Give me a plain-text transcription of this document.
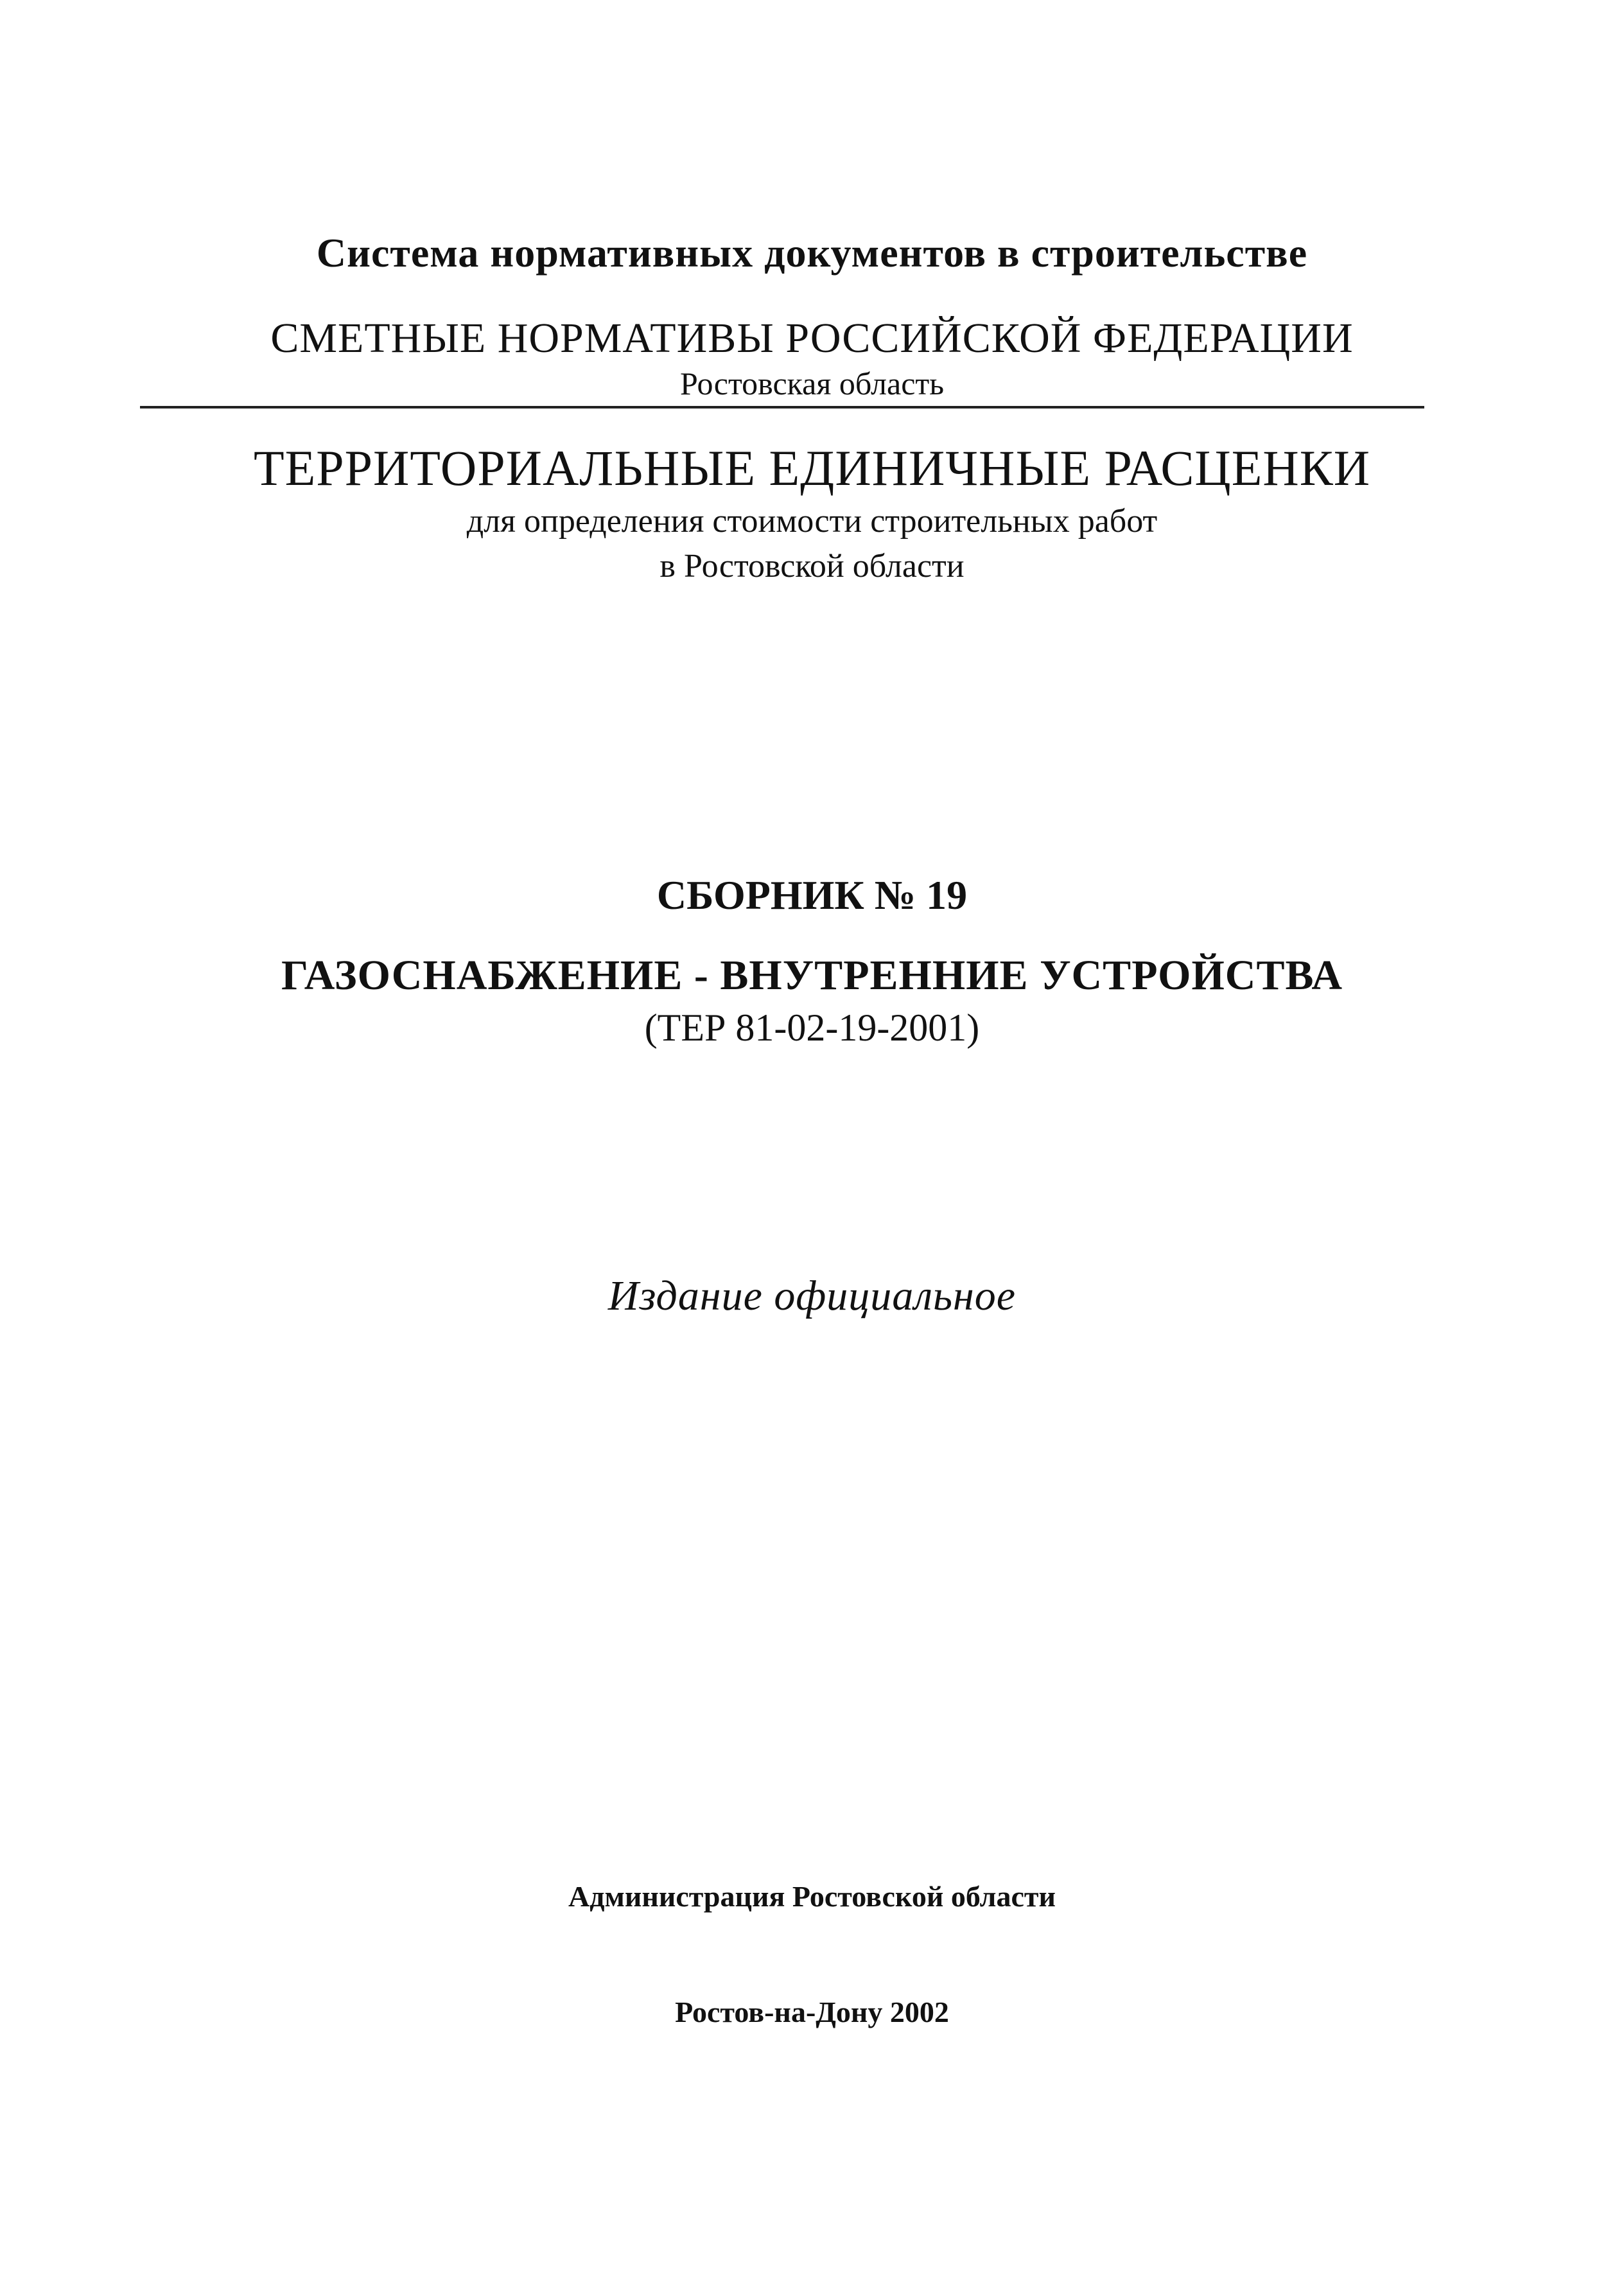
Система нормативных документов в строительстве
СМЕТНЫЕ НОРМАТИВЫ РОССИЙСКОЙ ФЕДЕРАЦИИ
Ростовская область
ТЕРРИТОРИАЛЬНЫЕ ЕДИНИЧНЫЕ РАСЦЕНКИ
для определения стоимости строительных работ
в Ростовской области
СБОРНИК № 19
ГАЗОСНАБЖЕНИЕ - ВНУТРЕННИЕ УСТРОЙСТВА
(ТЕР 81-02-19-2001)
Издание официальное
Администрация Ростовской области
Ростов-на-Дону 2002
